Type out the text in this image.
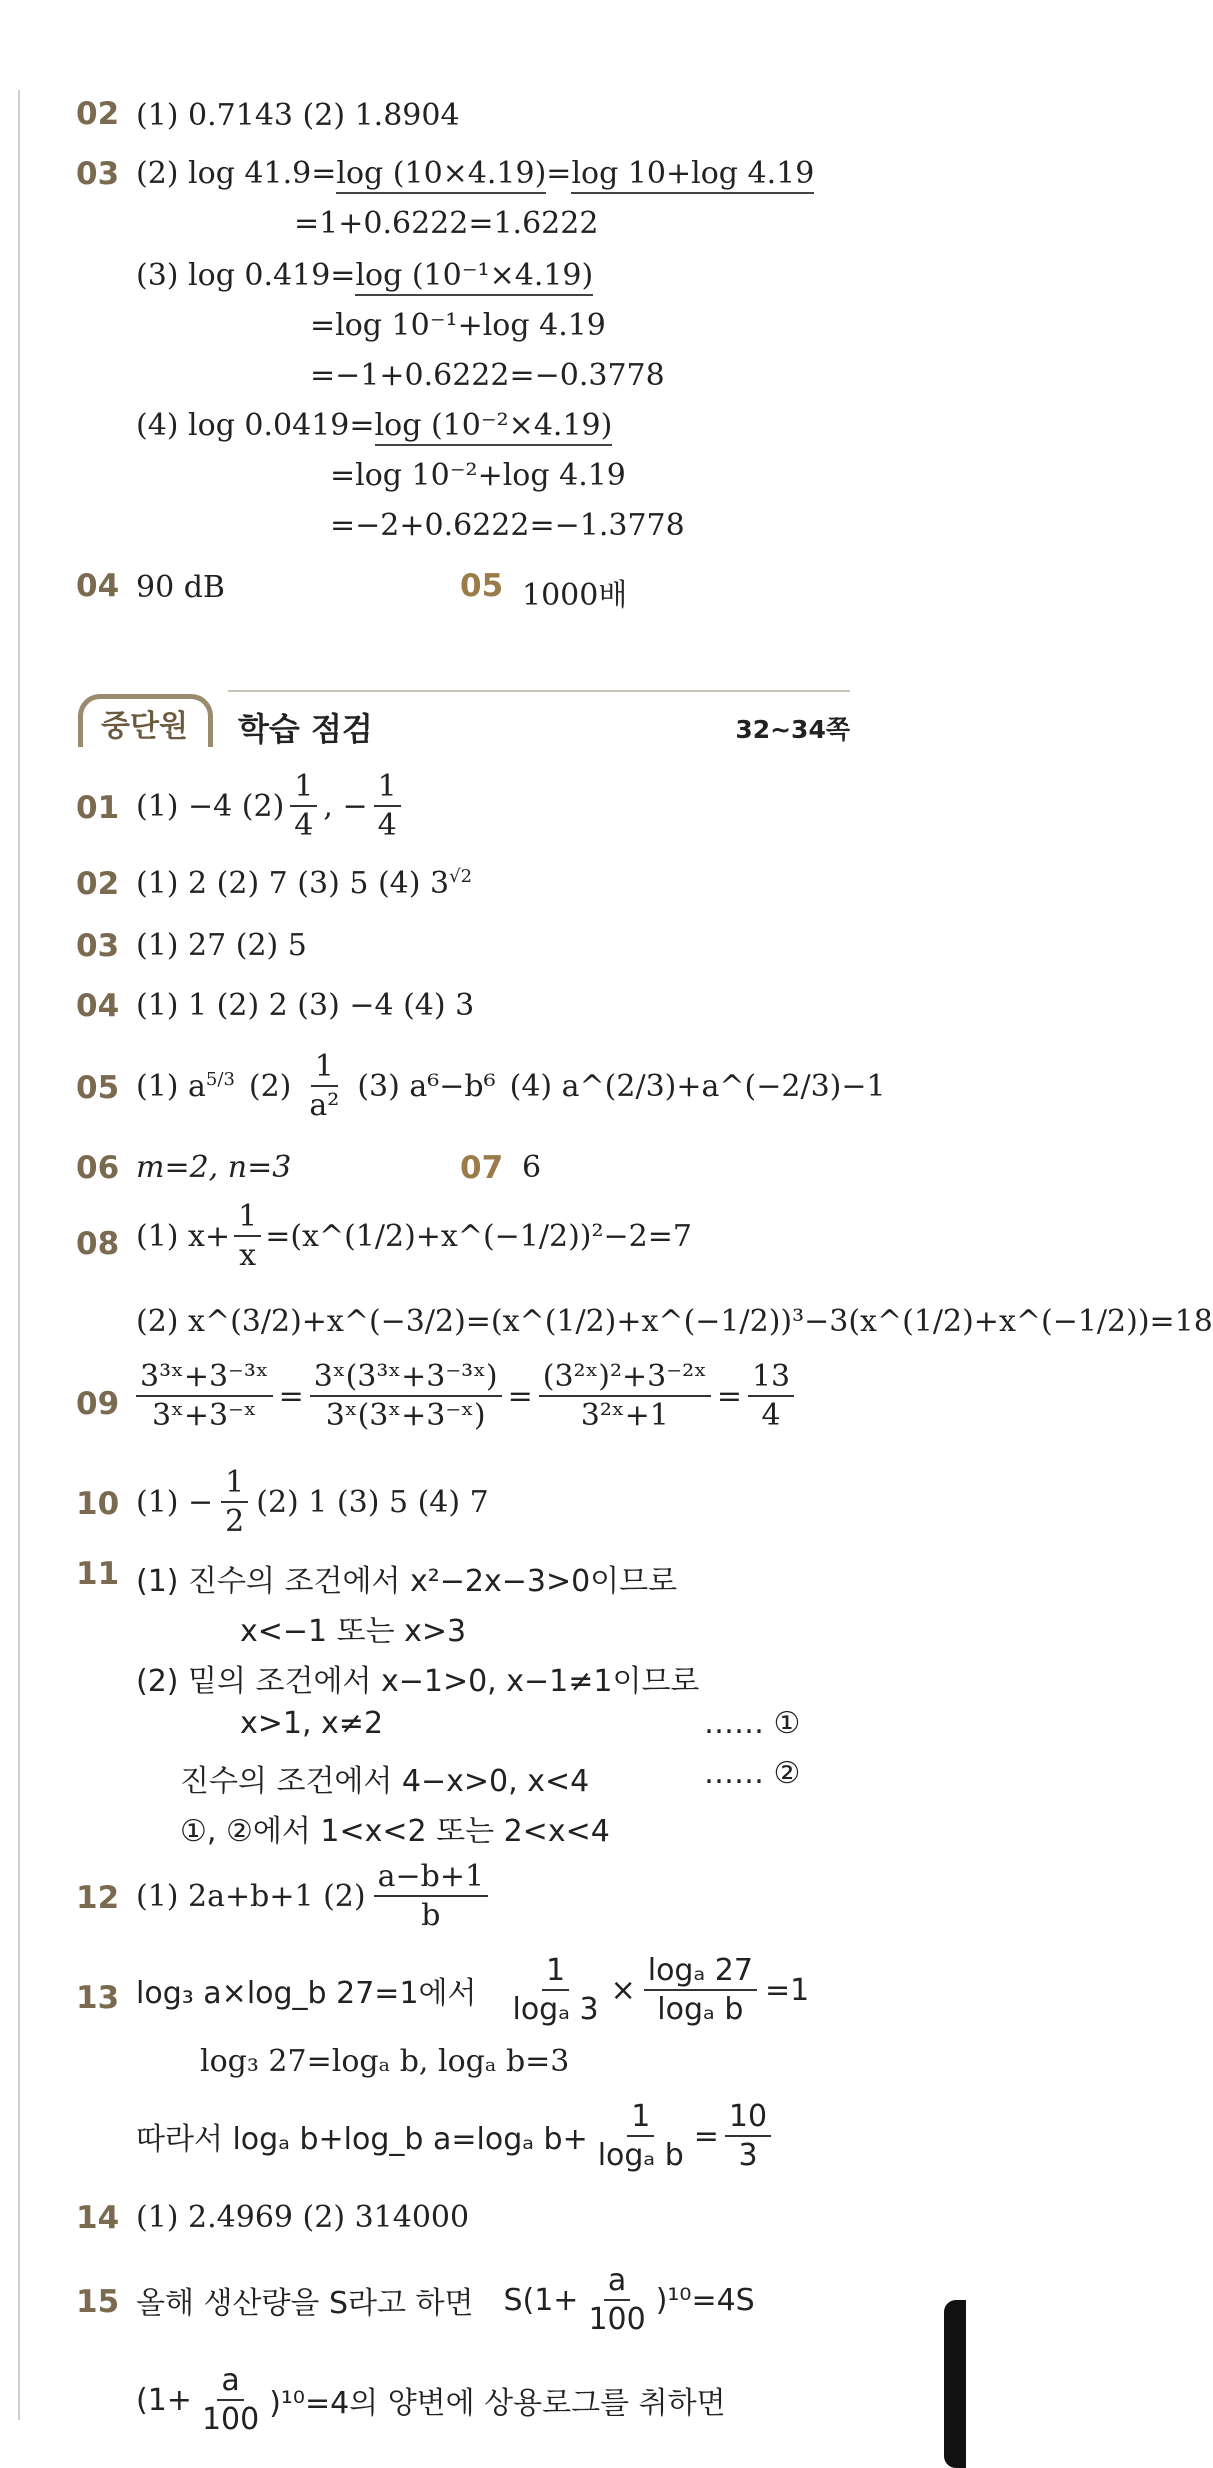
02 (1) 0.7143 (2) 1.8904
03 (2) log 41.9=log (10×4.19)=log 10+log 4.19
=1+0.6222=1.6222
(3) log 0.419=log (10⁻¹×4.19)
=log 10⁻¹+log 4.19
=−1+0.6222=−0.3778
(4) log 0.0419=log (10⁻²×4.19)
=log 10⁻²+log 4.19
=−2+0.6222=−1.3778
04 90 dB	05 1000배
중단원 학습 점검	32~34쪽
01 (1) −4 $(2) \frac{1}{4}$ , − $\frac{1}{4}$
02 (1) 2 (2) 7 (3) 5 (4) $3^{√2}$
03 (1) 27 (2) 5
04 (1) 1 (2) 2 (3) −4 (4) 3
05 (1) $a^{5/3}$ $(2) \frac{1}{\text{a²}} (3)$ a⁶−b⁶ (4) a^(2/3)+a^(−2/3)−1
06 m=2, n=3	07 6
08 (1) $x+ \frac{1}{x}$ =(x^(1/2)+x^(−1/2))²−2=7
(2) x^(3/2)+x^(−3/2)=(x^(1/2)+x^(−1/2))³−3(x^(1/2)+x^(−1/2))=18
$09 \frac{\text{3³ˣ+3⁻³ˣ}}{\text{3ˣ+3⁻ˣ}} = \frac{\text{3ˣ(3³ˣ+3⁻³ˣ)}}{\text{3ˣ(3ˣ+3⁻ˣ)}} = \frac{\text{(3²ˣ)²+3⁻²ˣ}}{\text{3²ˣ+1}} = \frac{13}{4}$
10 $(1) - \frac{1}{2} (2)$ 1 (3) 5 (4) 7
11 (1) 진수의 조건에서 x²−2x−3>0이므로
x<−1 또는 x>3
(2) 밑의 조건에서 x−1>0, x−1≠1이므로
x>1, x≠2	…… ①
진수의 조건에서 4−x>0, x<4	…… ②
①, ②에서 1<x<2 또는 2<x<4
12 (1) 2a+b+1 $(2) \frac{a-b+1}{b}$
13 log₃ a×log_b 27=1에서 $\frac{1}{\text{logₐ 3}} \times \frac{\text{logₐ 27}}{\text{logₐ b}} =1$
log₃ 27=logₐ b, logₐ b=3
따라서 logₐ b+log_b a=logₐ $b+ \frac{1}{\text{logₐ b}} = \frac{10}{3}$
14 (1) 2.4969 (2) 314000
15 올해 생산량을 S라고 하면 $S(1+ \frac{a}{100} )^{10}=4S$
$(1+ \frac{a}{100} )^{10}=4$의 양변에 상용로그를 취하면
